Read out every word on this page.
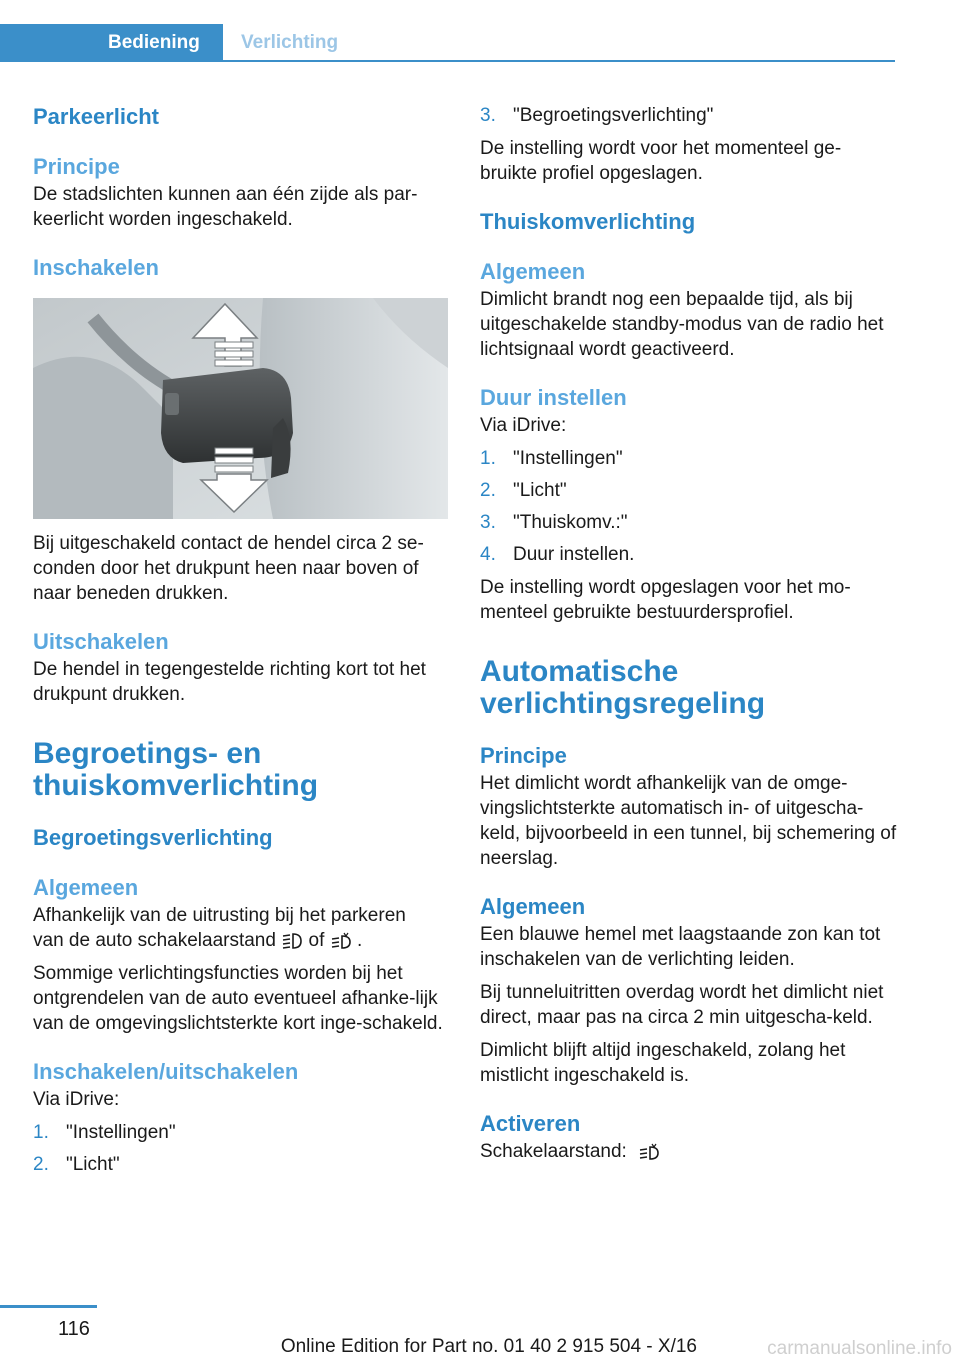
Bediening	Verlichting
Parkeerlicht
Principe
De stadslichten kunnen aan één zijde als par-keerlicht worden ingeschakeld.
Inschakelen
Bij uitgeschakeld contact de hendel circa 2 se-conden door het drukpunt heen naar boven of naar beneden drukken.
Uitschakelen
De hendel in tegengestelde richting kort tot het drukpunt drukken.
Begroetings- en thuiskomverlichting
Begroetingsverlichting
Algemeen
Afhankelijk van de uitrusting bij het parkeren van de auto schakelaarstand of .
Sommige verlichtingsfuncties worden bij het ontgrendelen van de auto eventueel afhanke-lijk van de omgevingslichtsterkte kort inge-schakeld.
Inschakelen/uitschakelen
Via iDrive:
1. "Instellingen"
2. "Licht"
3. "Begroetingsverlichting"
De instelling wordt voor het momenteel ge-bruikte profiel opgeslagen.
Thuiskomverlichting
Algemeen
Dimlicht brandt nog een bepaalde tijd, als bij uitgeschakelde standby-modus van de radio het lichtsignaal wordt geactiveerd.
Duur instellen
Via iDrive:
1. "Instellingen"
2. "Licht"
3. "Thuiskomv.:"
4. Duur instellen.
De instelling wordt opgeslagen voor het mo-menteel gebruikte bestuurdersprofiel.
Automatische verlichtingsregeling
Principe
Het dimlicht wordt afhankelijk van de omge-vingslichtsterkte automatisch in- of uitgescha-keld, bijvoorbeeld in een tunnel, bij schemering of neerslag.
Algemeen
Een blauwe hemel met laagstaande zon kan tot inschakelen van de verlichting leiden.
Bij tunneluitritten overdag wordt het dimlicht niet direct, maar pas na circa 2 min uitgescha-keld.
Dimlicht blijft altijd ingeschakeld, zolang het mistlicht ingeschakeld is.
Activeren
Schakelaarstand:
116
Online Edition for Part no. 01 40 2 915 504 - X/16	carmanualsonline.info
